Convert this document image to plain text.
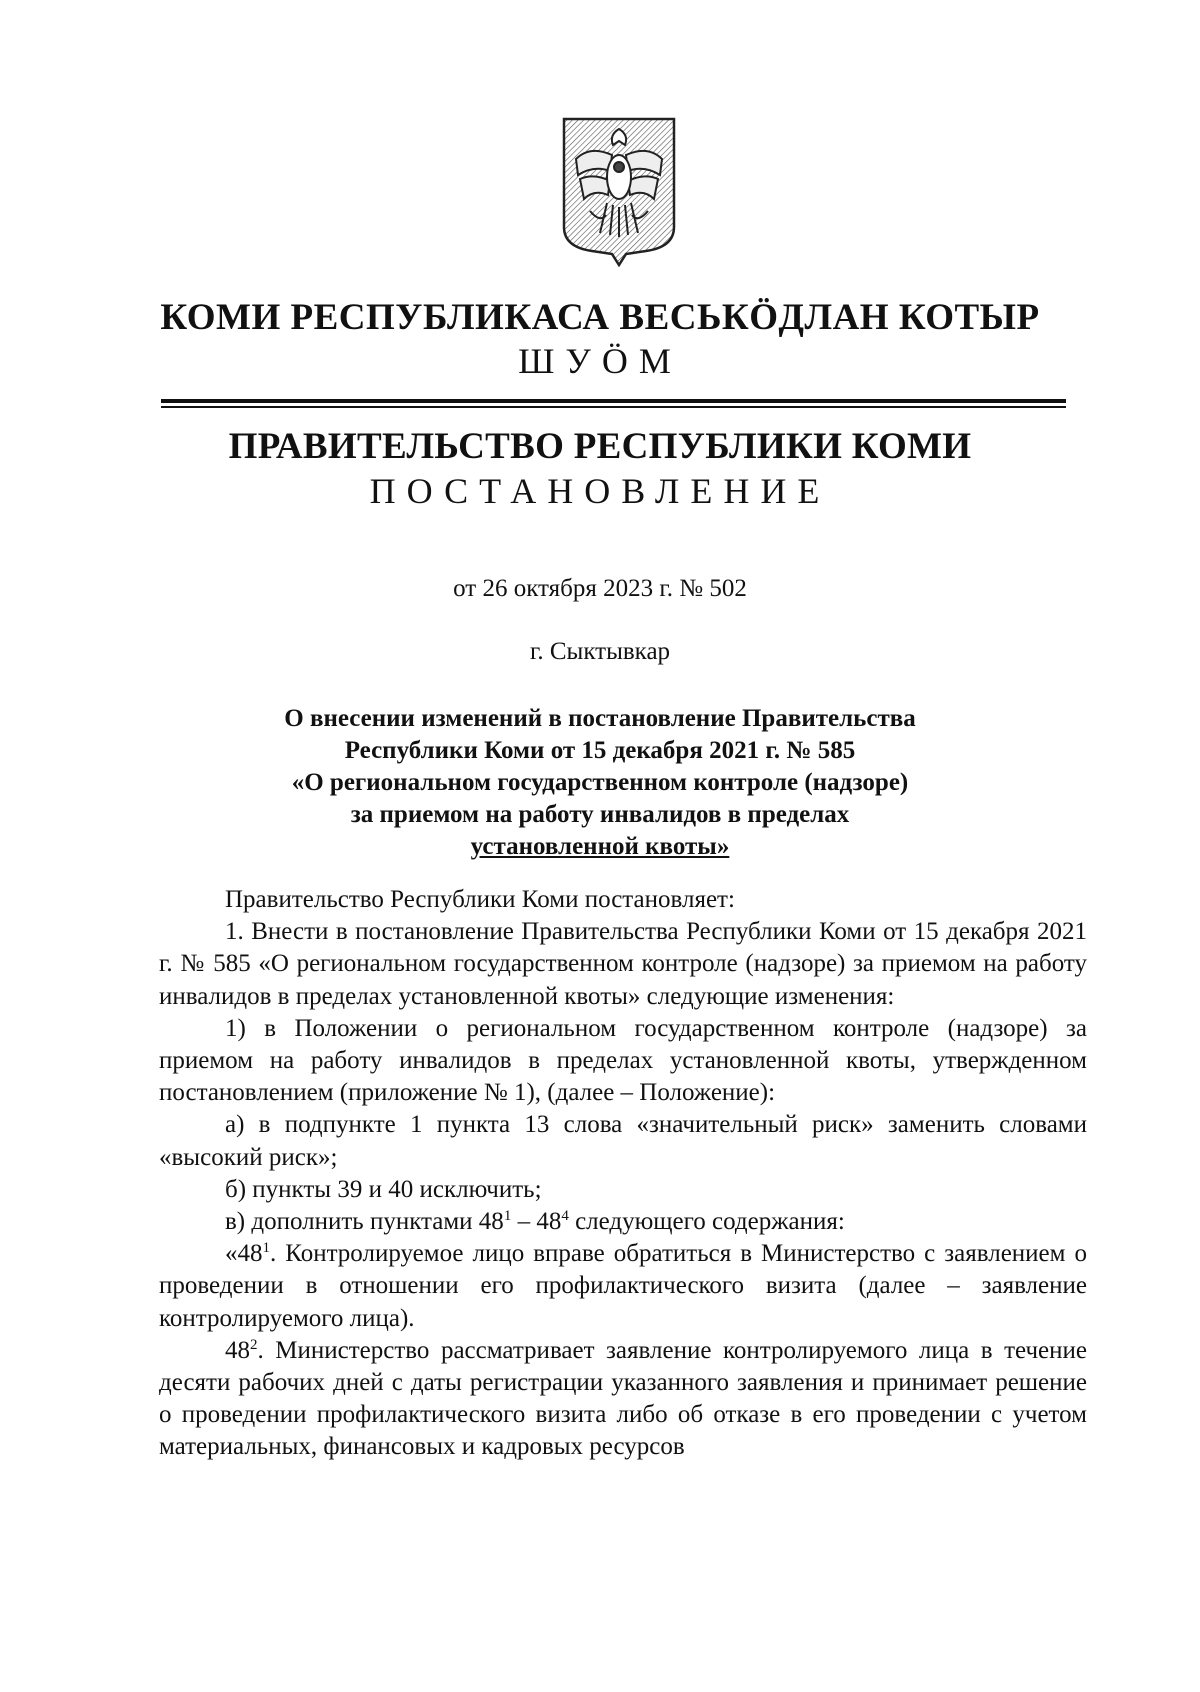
КОМИ РЕСПУБЛИКАСА ВЕСЬКӦДЛАН КОТЫР
ШУӦМ
ПРАВИТЕЛЬСТВО РЕСПУБЛИКИ КОМИ
ПОСТАНОВЛЕНИЕ
от 26 октября 2023 г. № 502
г. Сыктывкар
О внесении изменений в постановление Правительства
Республики Коми от 15 декабря 2021 г. № 585
«О региональном государственном контроле (надзоре)
за приемом на работу инвалидов в пределах
установленной квоты»

Правительство Республики Коми постановляет:

1. Внести в постановление Правительства Республики Коми от 15 декабря 2021 г. № 585 «О региональном государственном контроле (надзоре) за приемом на работу инвалидов в пределах установленной квоты» следующие изменения:

1) в Положении о региональном государственном контроле (надзоре) за приемом на работу инвалидов в пределах установленной квоты, утвержденном постановлением (приложение № 1), (далее – Положение):

а) в подпункте 1 пункта 13 слова «значительный риск» заменить словами «высокий риск»;

б) пункты 39 и 40 исключить;

в) дополнить пунктами $48^1 - 48^4$ следующего содержания:

«$48^1$. Контролируемое лицо вправе обратиться в Министерство с заявлением о проведении в отношении его профилактического визита (далее – заявление контролируемого лица).

$48^2$. Министерство рассматривает заявление контролируемого лица в течение десяти рабочих дней с даты регистрации указанного заявления и принимает решение о проведении профилактического визита либо об отказе в его проведении с учетом материальных, финансовых и кадровых ресурсов
